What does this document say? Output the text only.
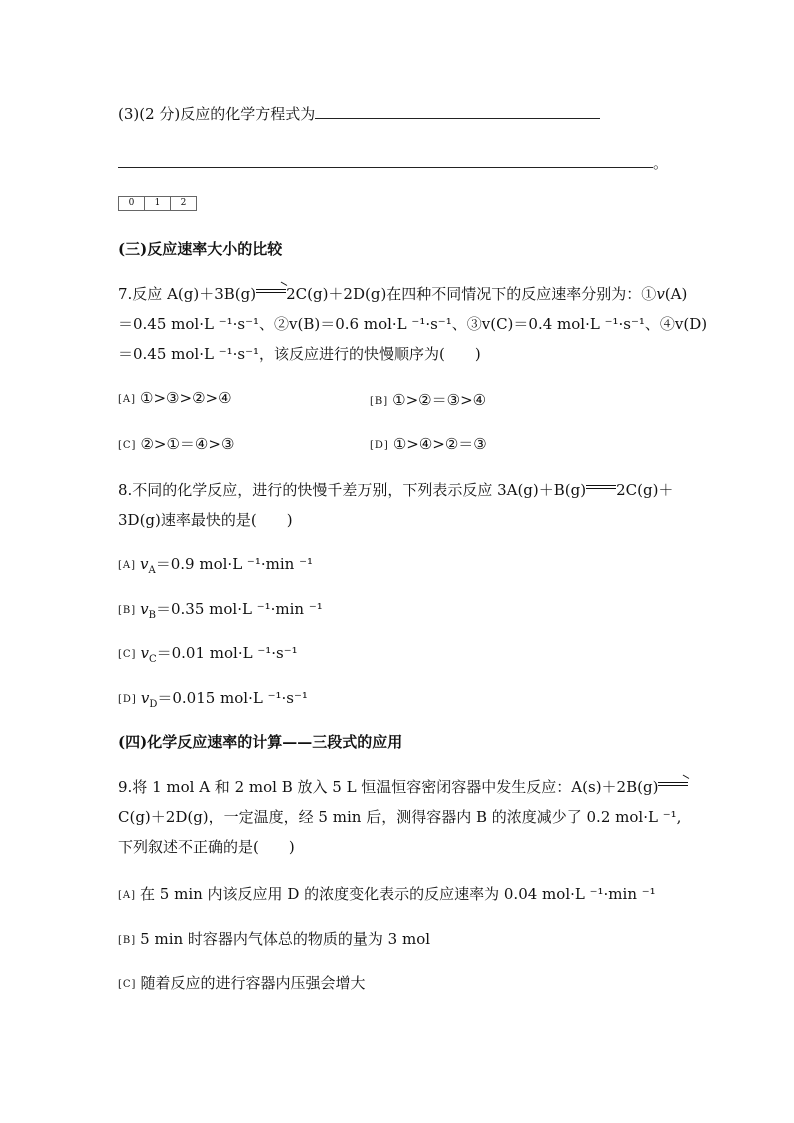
(3)(2 分)反应的化学方程式为
。
0	1	2
(三)反应速率大小的比较
7.反应 A(g)＋3B(g)→2C(g)＋2D(g)在四种不同情况下的反应速率分别为：①v(A)
＝0.45 mol·L ⁻¹·s⁻¹、②v(B)＝0.6 mol·L ⁻¹·s⁻¹、③v(C)＝0.4 mol·L ⁻¹·s⁻¹、④v(D)
＝0.45 mol·L ⁻¹·s⁻¹，该反应进行的快慢顺序为(　　)
[A] ①>③>②>④	[B] ①>②＝③>④
[C] ②>①＝④>③	[D] ①>④>②＝③
8.不同的化学反应，进行的快慢千差万别，下列表示反应 3A(g)＋B(g) 2C(g)＋
3D(g)速率最快的是(　　)
[A] $v_A=0.9$ mol·L ⁻¹·min ⁻¹
[B] $v_B=0.35$ mol·L ⁻¹·min ⁻¹
[C] $v_C=0.01$ mol·L ⁻¹·s⁻¹
[D] $v_D=0.015$ mol·L ⁻¹·s⁻¹
(四)化学反应速率的计算——三段式的应用
9.将 1 mol A 和 2 mol B 放入 5 L 恒温恒容密闭容器中发生反应：A(s)＋2B(g)→
C(g)＋2D(g)，一定温度，经 5 min 后，测得容器内 B 的浓度减少了 0.2 mol·L ⁻¹,
下列叙述不正确的是(　　)
[A] 在 5 min 内该反应用 D 的浓度变化表示的反应速率为 0.04 mol·L ⁻¹·min ⁻¹
[B] 5 min 时容器内气体总的物质的量为 3 mol
[C] 随着反应的进行容器内压强会增大
